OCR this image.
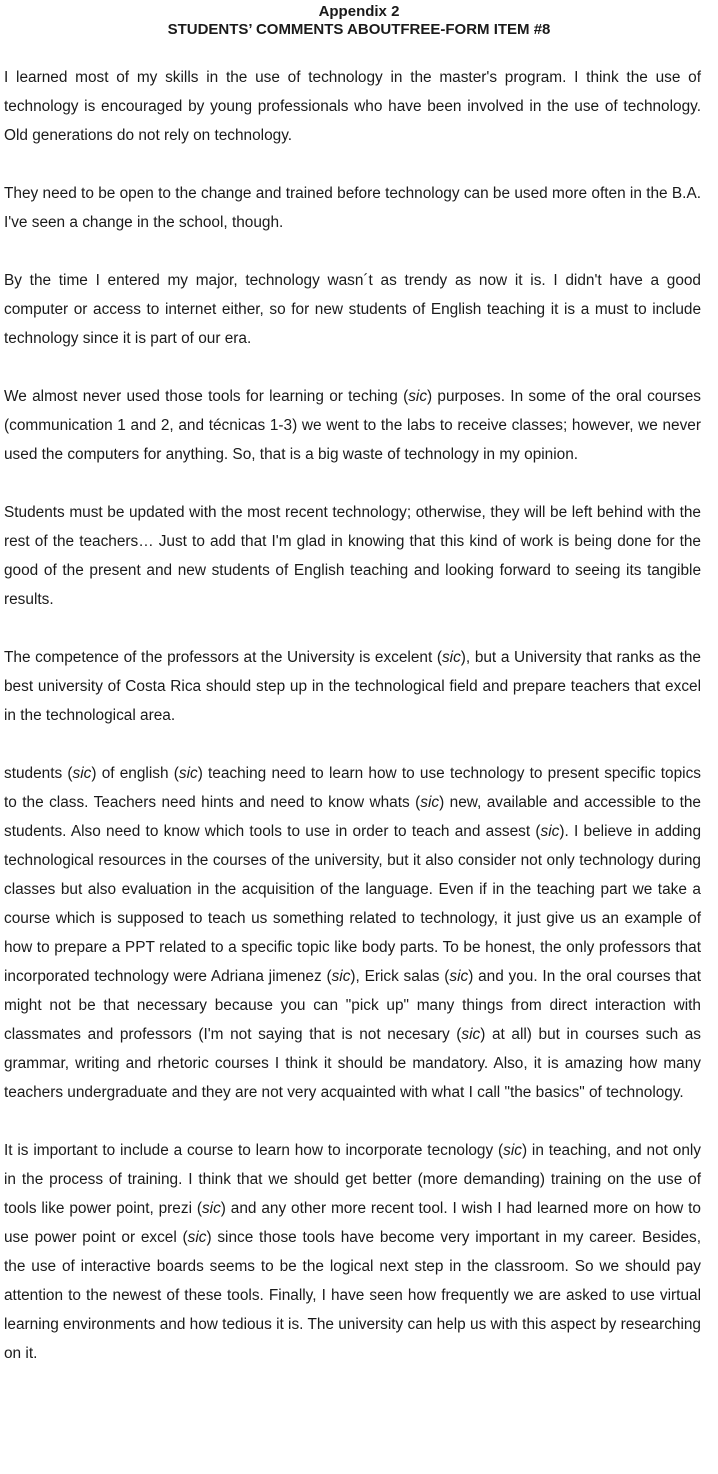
Appendix 2
STUDENTS’ COMMENTS ABOUTFREE-FORM ITEM #8

I learned most of my skills in the use of technology in the master's program. I think the use of technology is encouraged by young professionals who have been involved in the use of technology. Old generations do not rely on technology.

They need to be open to the change and trained before technology can be used more often in the B.A. I've seen a change in the school, though.

By the time I entered my major, technology wasn´t as trendy as now it is. I didn't have a good computer or access to internet either, so for new students of English teaching it is a must to include technology since it is part of our era.

We almost never used those tools for learning or teching (sic) purposes. In some of the oral courses (communication 1 and 2, and técnicas 1-3) we went to the labs to receive classes; however, we never used the computers for anything. So, that is a big waste of technology in my opinion.

Students must be updated with the most recent technology; otherwise, they will be left behind with the rest of the teachers… Just to add that I'm glad in knowing that this kind of work is being done for the good of the present and new students of English teaching and looking forward to seeing its tangible results.

The competence of the professors at the University is excelent (sic), but a University that ranks as the best university of Costa Rica should step up in the technological field and prepare teachers that excel in the technological area.

students (sic) of english (sic) teaching need to learn how to use technology to present specific topics to the class. Teachers need hints and need to know whats (sic) new, available and accessible to the students. Also need to know which tools to use in order to teach and assest (sic). I believe in adding technological resources in the courses of the university, but it also consider not only technology during classes but also evaluation in the acquisition of the language. Even if in the teaching part we take a course which is supposed to teach us something related to technology, it just give us an example of how to prepare a PPT related to a specific topic like body parts. To be honest, the only professors that incorporated technology were Adriana jimenez (sic), Erick salas (sic) and you. In the oral courses that might not be that necessary because you can "pick up" many things from direct interaction with classmates and professors (I'm not saying that is not necesary (sic) at all) but in courses such as grammar, writing and rhetoric courses I think it should be mandatory. Also, it is amazing how many teachers undergraduate and they are not very acquainted with what I call "the basics" of technology.

It is important to include a course to learn how to incorporate tecnology (sic) in teaching, and not only in the process of training. I think that we should get better (more demanding) training on the use of tools like power point, prezi (sic) and any other more recent tool. I wish I had learned more on how to use power point or excel (sic) since those tools have become very important in my career. Besides, the use of interactive boards seems to be the logical next step in the classroom. So we should pay attention to the newest of these tools. Finally, I have seen how frequently we are asked to use virtual learning environments and how tedious it is. The university can help us with this aspect by researching on it.
